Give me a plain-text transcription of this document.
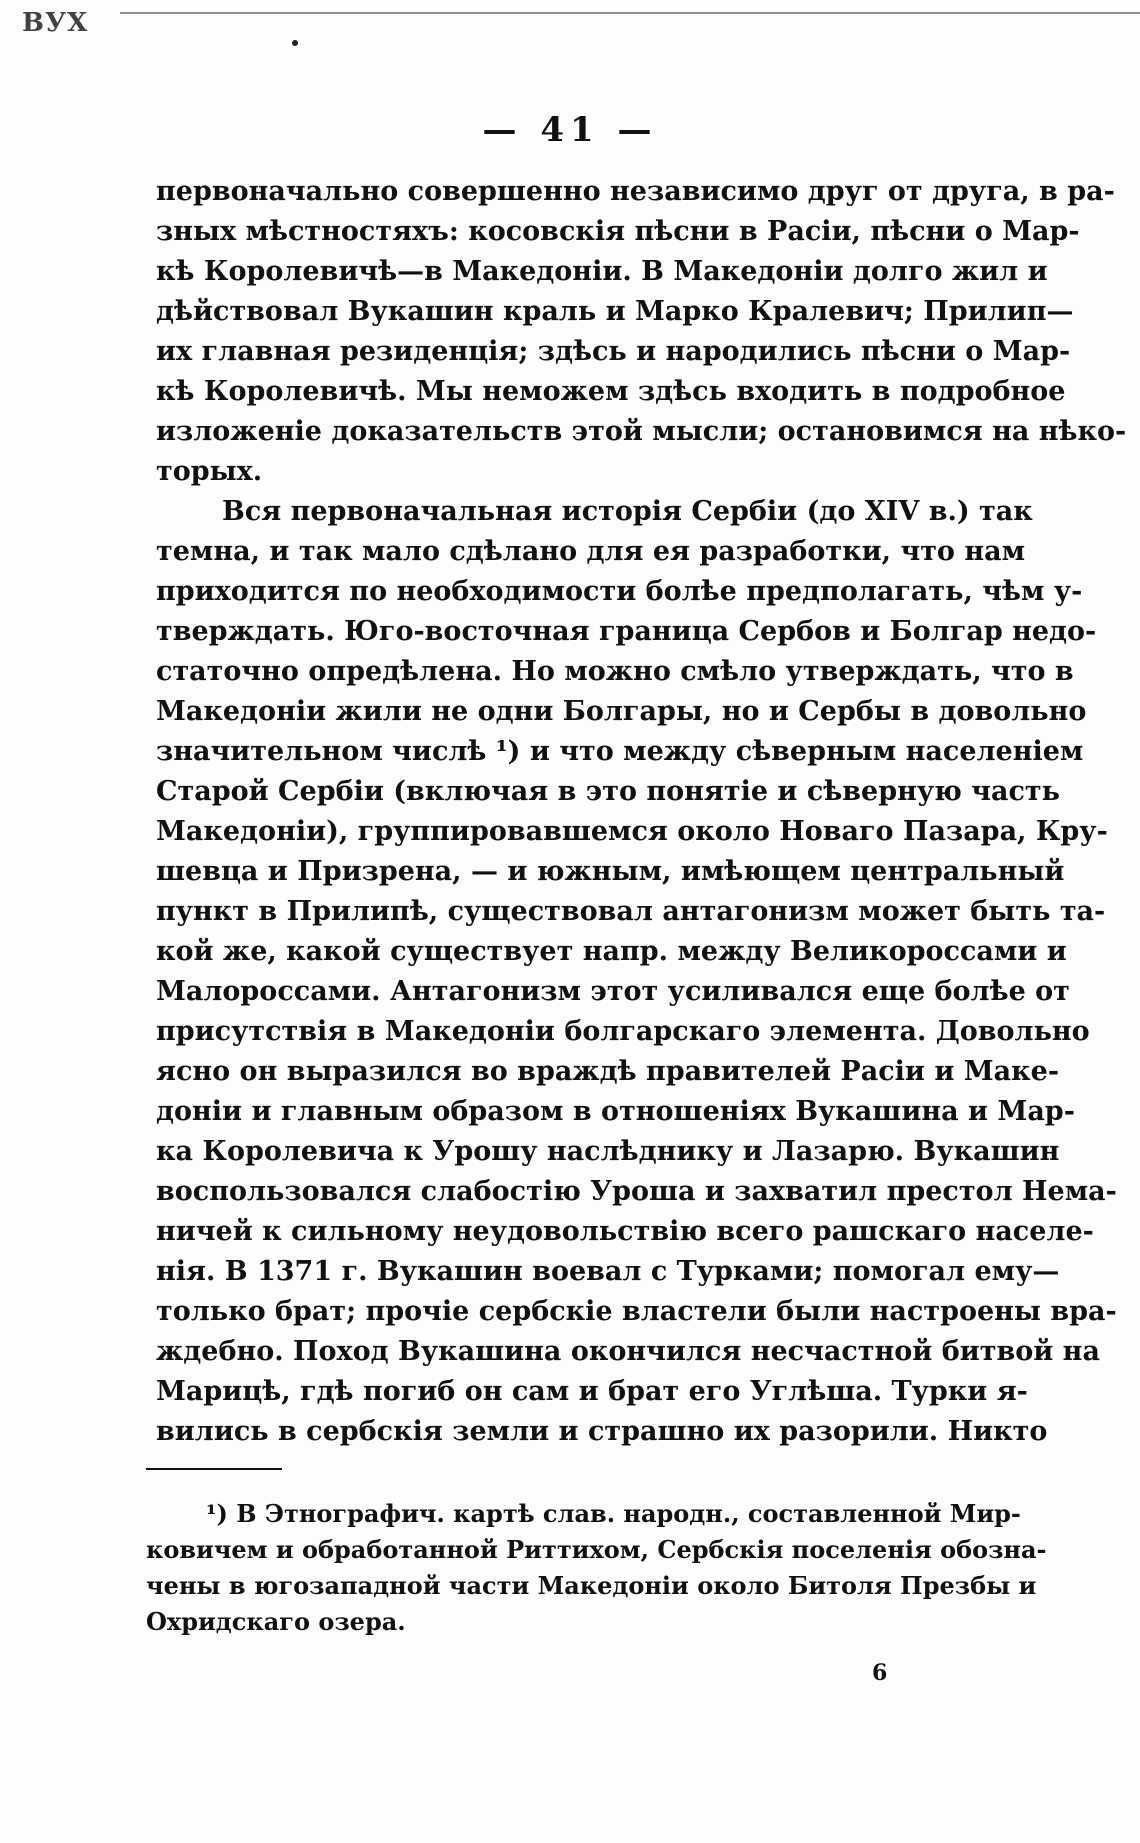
ВУХ
— 41 —
первоначально совершенно независимо друг от друга, в ра-
зных мѣстностяхъ: косовскія пѣсни в Расіи, пѣсни о Мар-
кѣ Королевичѣ—в Македоніи. В Македоніи долго жил и
дѣйствовал Вукашин краль и Марко Кралевич; Прилип—
их главная резиденція; здѣсь и народились пѣсни о Мар-
кѣ Королевичѣ. Мы неможем здѣсь входить в подробное
изложеніе доказательств этой мысли; остановимся на нѣко-
торых.
Вся первоначальная исторія Сербіи (до XIV в.) так
темна, и так мало сдѣлано для ея разработки, что нам
приходится по необходимости болѣе предполагать, чѣм у-
тверждать. Юго-восточная граница Сербов и Болгар недо-
статочно опредѣлена. Но можно смѣло утверждать, что в
Македоніи жили не одни Болгары, но и Сербы в довольно
значительном числѣ ¹) и что между сѣверным населеніем
Старой Сербіи (включая в это понятіе и сѣверную часть
Македоніи), группировавшемся около Новаго Пазара, Кру-
шевца и Призрена, — и южным, имѣющем центральный
пункт в Прилипѣ, существовал антагонизм может быть та-
кой же, какой существует напр. между Великороссами и
Малороссами. Антагонизм этот усиливался еще болѣе от
присутствія в Македоніи болгарскаго элемента. Довольно
ясно он выразился во враждѣ правителей Расіи и Маке-
доніи и главным образом в отношеніях Вукашина и Мар-
ка Королевича к Урошу наслѣднику и Лазарю. Вукашин
воспользовался слабостію Уроша и захватил престол Нема-
ничей к сильному неудовольствію всего рашскаго населе-
нія. В 1371 г. Вукашин воевал с Турками; помогал ему—
только брат; прочіе сербскіе властели были настроены вра-
ждебно. Поход Вукашина окончился несчастной битвой на
Марицѣ, гдѣ погиб он сам и брат его Углѣша. Турки я-
вились в сербскія земли и страшно их разорили. Никто
¹) В Этнографич. картѣ слав. народн., составленной Мир-
ковичем и обработанной Риттихом, Сербскія поселенія обозна-
чены в югозападной части Македоніи около Битоля Презбы и
Охридскаго озера.
6
